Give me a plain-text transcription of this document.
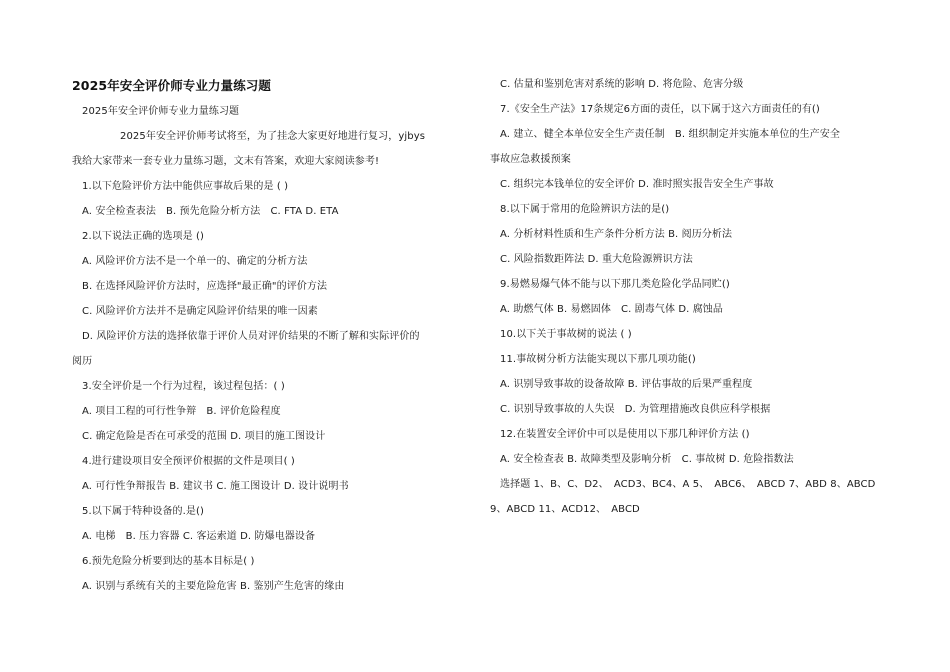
2025年安全评价师专业力量练习题
2025年安全评价师专业力量练习题
2025年安全评价师考试将至，为了挂念大家更好地进行复习，yjbys
我给大家带来一套专业力量练习题，文末有答案，欢迎大家阅读参考!
1.以下危险评价方法中能供应事故后果的是 ( )
A. 安全检查表法　B. 预先危险分析方法　C. FTA D. ETA
2.以下说法正确的选项是 ()
A. 风险评价方法不是一个单一的、确定的分析方法
B. 在选择风险评价方法时，应选择"最正确"的评价方法
C. 风险评价方法并不是确定风险评价结果的唯一因素
D. 风险评价方法的选择依靠于评价人员对评价结果的不断了解和实际评价的
阅历
3.安全评价是一个行为过程，该过程包括：( )
A. 项目工程的可行性争辩　B. 评价危险程度
C. 确定危险是否在可承受的范围 D. 项目的施工图设计
4.进行建设项目安全预评价根据的文件是项目( )
A. 可行性争辩报告 B. 建议书 C. 施工图设计 D. 设计说明书
5.以下属于特种设备的.是()
A. 电梯　B. 压力容器 C. 客运索道 D. 防爆电器设备
6.预先危险分析要到达的基本目标是( )
A. 识别与系统有关的主要危险危害 B. 鉴别产生危害的缘由
C. 估量和鉴别危害对系统的影响 D. 将危险、危害分级
7.《安全生产法》17条规定6方面的责任，以下属于这六方面责任的有()
A. 建立、健全本单位安全生产责任制　B. 组织制定并实施本单位的生产安全
事故应急救援预案
C. 组织完本钱单位的安全评价 D. 准时照实报告安全生产事故
8.以下属于常用的危险辨识方法的是()
A. 分析材料性质和生产条件分析方法 B. 阅历分析法
C. 风险指数距阵法 D. 重大危险源辨识方法
9.易燃易爆气体不能与以下那几类危险化学品同贮()
A. 助燃气体 B. 易燃固体　C. 剧毒气体 D. 腐蚀品
10.以下关于事故树的说法 ( )
11.事故树分析方法能实现以下那几项功能()
A. 识别导致事故的设备故障 B. 评估事故的后果严重程度
C. 识别导致事故的人失误　D. 为管理措施改良供应科学根据
12.在装置安全评价中可以是使用以下那几种评价方法 ()
A. 安全检查表 B. 故障类型及影响分析　C. 事故树 D. 危险指数法
选择题 1、B、C、D2、　ACD3、BC4、A 5、　ABC6、　ABCD 7、ABD 8、ABCD
9、ABCD 11、ACD12、　ABCD
